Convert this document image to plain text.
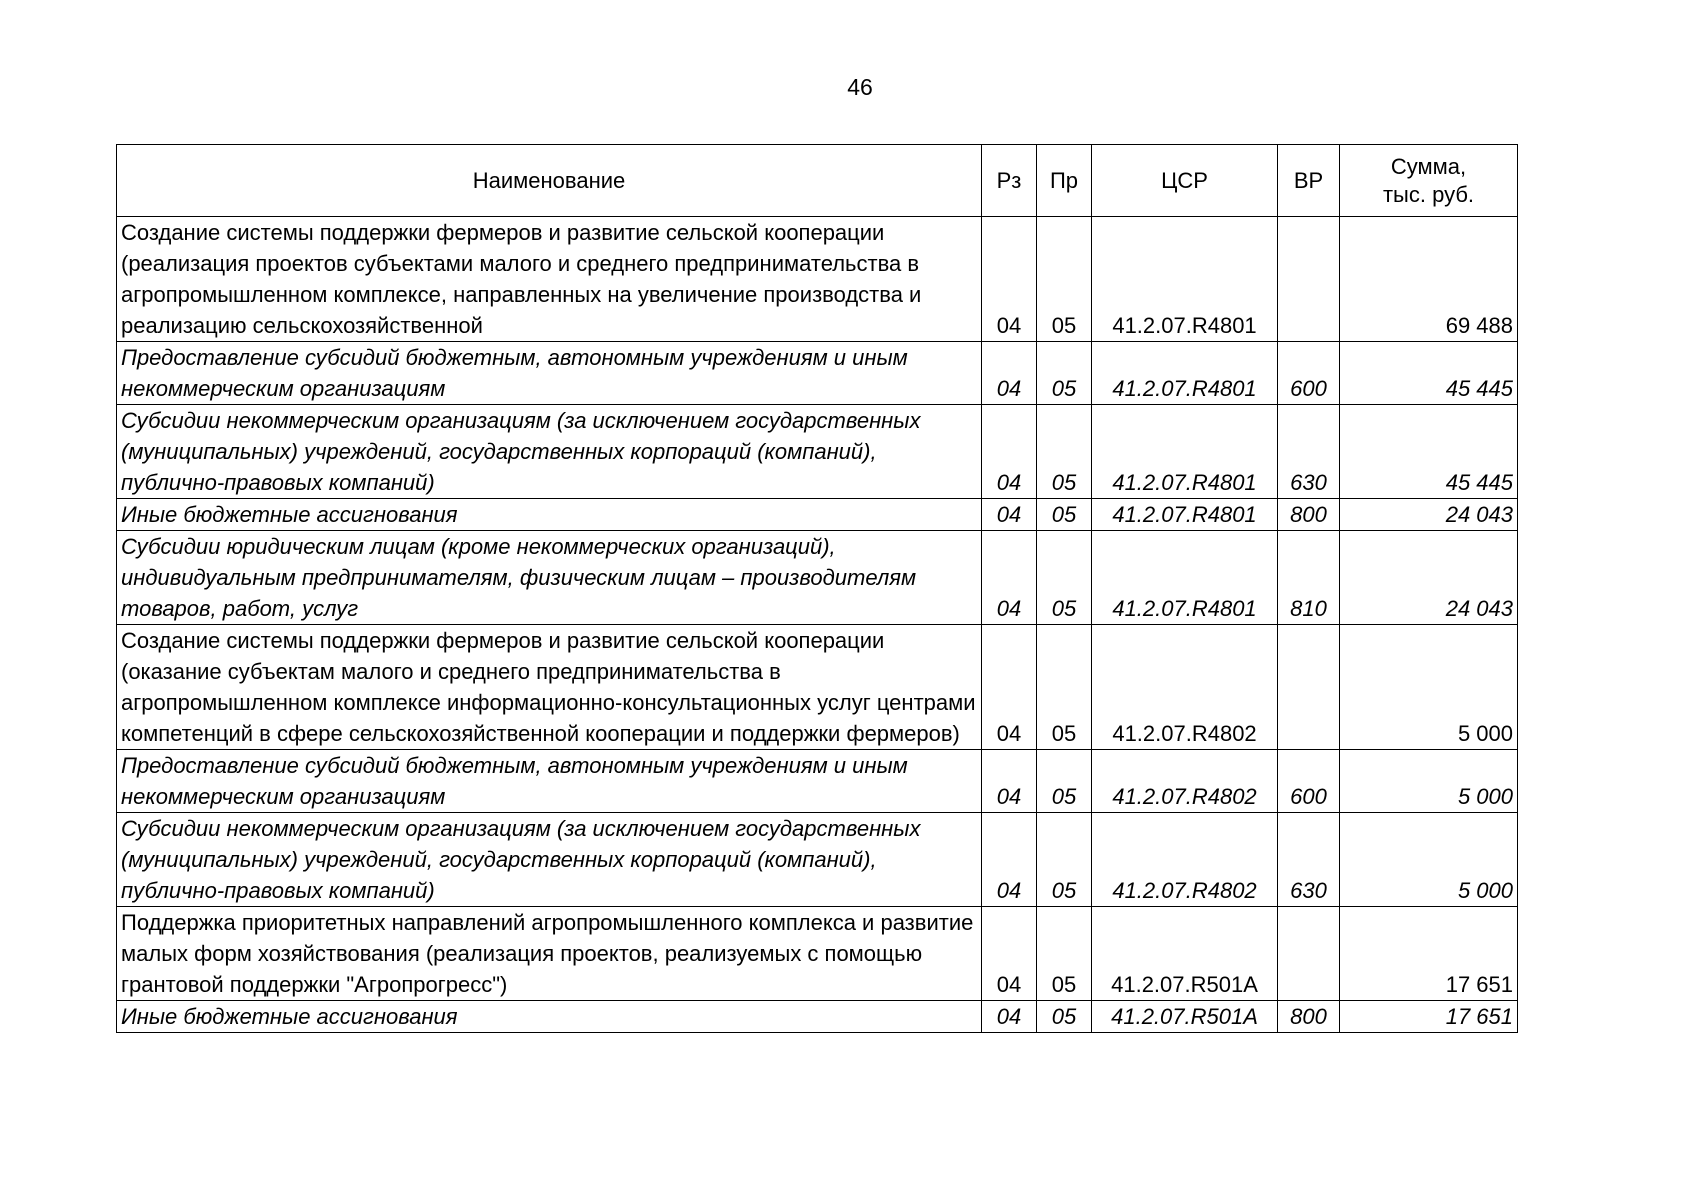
46
Наименование	Рз	Пр	ЦСР	ВР	Сумма,
тыс. руб.

Создание системы поддержки фермеров и развитие сельской кооперации (реализация проектов субъектами малого и среднего предпринимательства в агропромышленном комплексе, направленных на увеличение производства и реализацию сельскохозяйственной	04	05	41.2.07.R4801		69 488
Предоставление субсидий бюджетным, автономным учреждениям и иным некоммерческим организациям	04	05	41.2.07.R4801	600	45 445
Субсидии некоммерческим организациям (за исключением государственных (муниципальных) учреждений, государственных корпораций (компаний), публично-правовых компаний)	04	05	41.2.07.R4801	630	45 445
Иные бюджетные ассигнования	04	05	41.2.07.R4801	800	24 043
Субсидии юридическим лицам (кроме некоммерческих организаций), индивидуальным предпринимателям, физическим лицам – производителям товаров, работ, услуг	04	05	41.2.07.R4801	810	24 043
Создание системы поддержки фермеров и развитие сельской кооперации (оказание субъектам малого и среднего предпринимательства в агропромышленном комплексе информационно-консультационных услуг центрами компетенций в сфере сельскохозяйственной кооперации и поддержки фермеров)	04	05	41.2.07.R4802		5 000
Предоставление субсидий бюджетным, автономным учреждениям и иным некоммерческим организациям	04	05	41.2.07.R4802	600	5 000
Субсидии некоммерческим организациям (за исключением государственных (муниципальных) учреждений, государственных корпораций (компаний), публично-правовых компаний)	04	05	41.2.07.R4802	630	5 000
Поддержка приоритетных направлений агропромышленного комплекса и развитие малых форм хозяйствования (реализация проектов, реализуемых с помощью грантовой поддержки "Агропрогресс")	04	05	41.2.07.R501A		17 651
Иные бюджетные ассигнования	04	05	41.2.07.R501A	800	17 651
